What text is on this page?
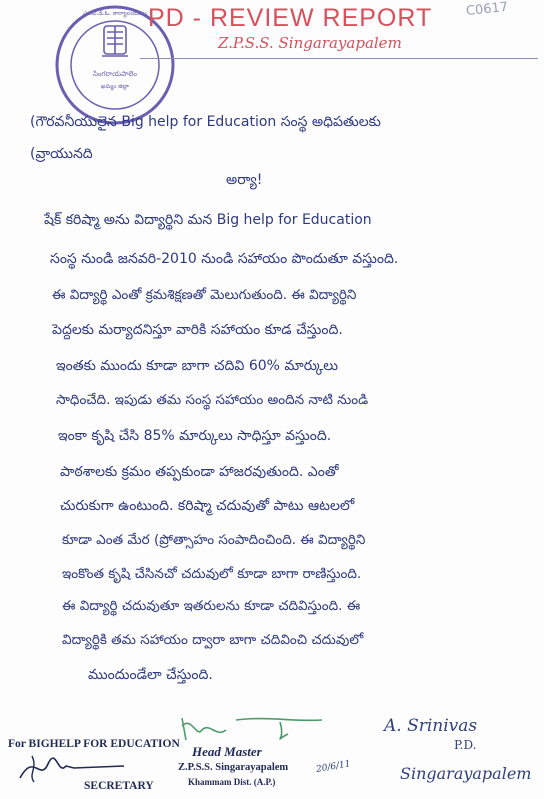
సింగరాయపాలెం
ఖమ్మం జిల్లా
ఎం.పి.డి.ఓ. కార్యాలయము PD - REVIEW REPORT
Z.P.S.S. Singarayapalem
C0617
(గౌరవనీయులైన Big help for Education సంస్థ అధిపతులకు
(వ్రాయునది
అర్యా!
షేక్ కరిష్మా అను విద్యార్థిని మన Big help for Education
సంస్థ నుండి జనవరి-2010 నుండి సహాయం పొందుతూ వస్తుంది.
ఈ విద్యార్థి ఎంతో క్రమశిక్షణతో మెలుగుతుంది. ఈ విద్యార్థిని
పెద్దలకు మర్యాదనిస్తూ వారికి సహాయం కూడ చేస్తుంది.
ఇంతకు ముందు కూడా బాగా చదివి 60% మార్కులు
సాధించేది. ఇపుడు తమ సంస్థ సహాయం అందిన నాటి నుండి
ఇంకా కృషి చేసి 85% మార్కులు సాధిస్తూ వస్తుంది.
పాఠశాలకు క్రమం తప్పకుండా హాజరవుతుంది. ఎంతో
చురుకుగా ఉంటుంది. కరిష్మా చదువుతో పాటు ఆటలలో
కూడా ఎంత మేర (ప్రోత్సాహం సంపాదించింది. ఈ విద్యార్థిని
ఇంకొంత కృషి చేసినచో చదువులో కూడా బాగా రాణిస్తుంది.
ఈ విద్యార్థి చదువుతూ ఇతరులను కూడా చదివిస్తుంది. ఈ
విద్యార్థికి తమ సహాయం ద్వారా బాగా చదివించి చదువులో
ముందుండేలా చేస్తుంది.
For BIGHELP FOR EDUCATION
SECRETARY
Head Master
Z.P.S.S. Singarayapalem
Khammam Dist. (A.P.)
20/6/11
A. Srinivas
P.D.
Singarayapalem
